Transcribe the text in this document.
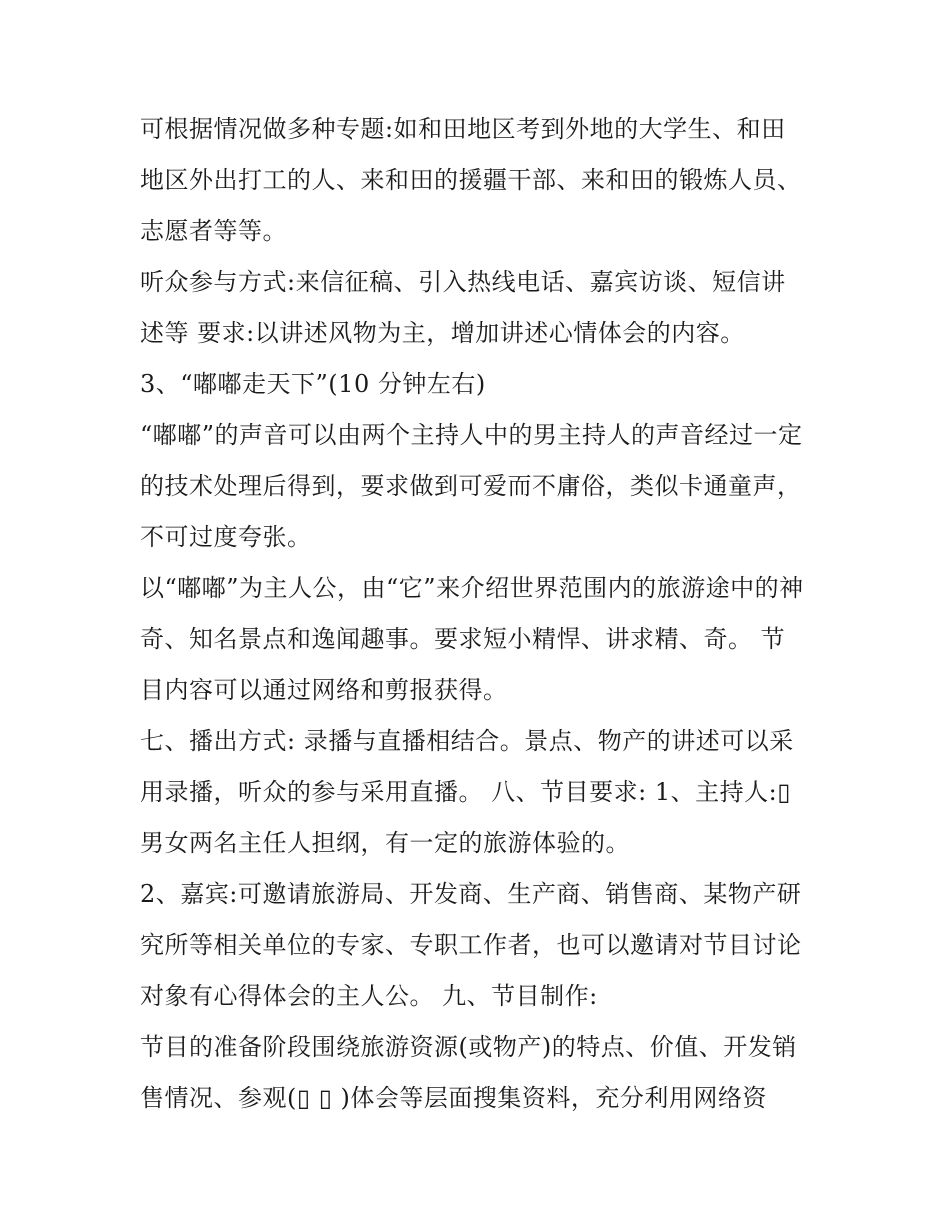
可根据情况做多种专题:如和田地区考到外地的大学生、和田
地区外出打工的人、来和田的援疆干部、来和田的锻炼人员、
志愿者等等。
听众参与方式:来信征稿、引入热线电话、嘉宾访谈、短信讲
述等 要求:以讲述风物为主，增加讲述心情体会的内容。
3、“嘟嘟走天下”(10 分钟左右)
“嘟嘟”的声音可以由两个主持人中的男主持人的声音经过一定
的技术处理后得到，要求做到可爱而不庸俗，类似卡通童声，
不可过度夸张。
以“嘟嘟”为主人公，由“它”来介绍世界范围内的旅游途中的神
奇、知名景点和逸闻趣事。要求短小精悍、讲求精、奇。 节
目内容可以通过网络和剪报获得。
七、播出方式: 录播与直播相结合。景点、物产的讲述可以采
用录播，听众的参与采用直播。 八、节目要求: 1、主持人:▯
男女两名主任人担纲，有一定的旅游体验的。
2、嘉宾:可邀请旅游局、开发商、生产商、销售商、某物产研
究所等相关单位的专家、专职工作者，也可以邀请对节目讨论
对象有心得体会的主人公。 九、节目制作:
节目的准备阶段围绕旅游资源(或物产)的特点、价值、开发销
售情况、参观(▯ ▯ )体会等层面搜集资料，充分利用网络资
